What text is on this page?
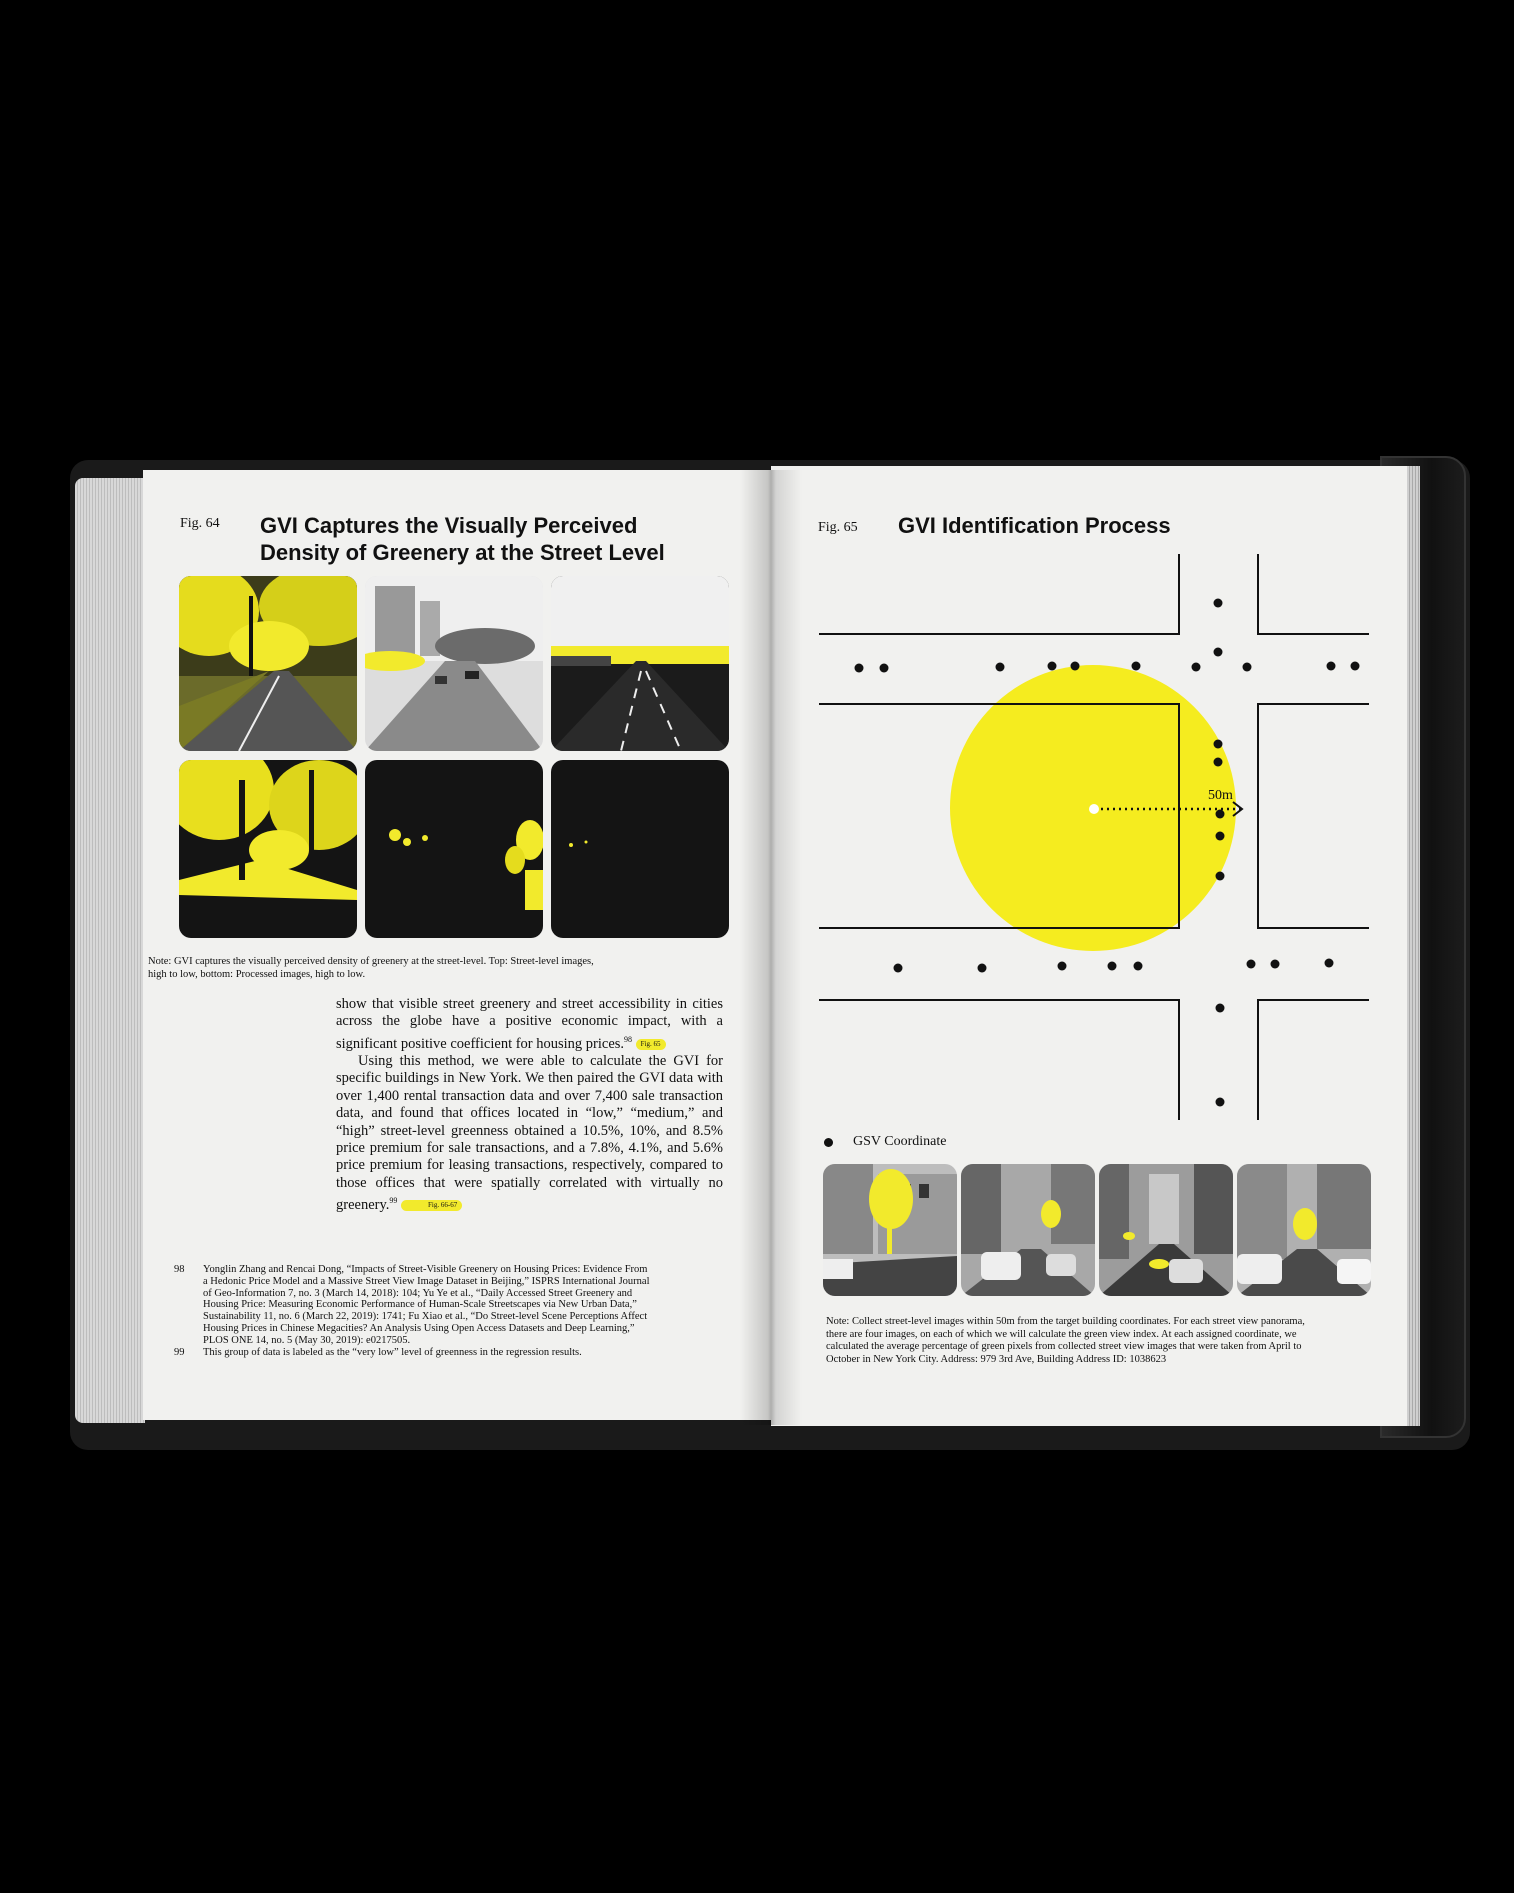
Fig. 64 GVI Captures the Visually Perceived
Density of Greenery at the Street Level
Note: GVI captures the visually perceived density of greenery at the street-level. Top: Street-level images,
high to low, bottom: Processed images, high to low.

show that visible street greenery and street accessibility in cities across the globe have a positive economic impact, with a significant positive coefficient for housing prices.$^{98}$ Fig. 65

Using this method, we were able to calculate the GVI for specific buildings in New York. We then paired the GVI data with over 1,400 rental transaction data and over 7,400 sale transaction data, and found that offices located in “low,” “medium,” and “high” street-level greenness obtained a 10.5%, 10%, and 8.5% price premium for sale transactions, and a 7.8%, 4.1%, and 5.6% price premium for leasing transactions, respectively, compared to those offices that were spatially correlated with virtually no greenery.$^{99}$	Fig. 66-67

98	Yonglin Zhang and Rencai Dong, “Impacts of Street-Visible Greenery on Housing Prices: Evidence From
a Hedonic Price Model and a Massive Street View Image Dataset in Beijing,” ISPRS International Journal
of Geo-Information 7, no. 3 (March 14, 2018): 104; Yu Ye et al., “Daily Accessed Street Greenery and
Housing Price: Measuring Economic Performance of Human-Scale Streetscapes via New Urban Data,”
Sustainability 11, no. 6 (March 22, 2019): 1741; Fu Xiao et al., “Do Street-level Scene Perceptions Affect
Housing Prices in Chinese Megacities? An Analysis Using Open Access Datasets and Deep Learning,”
PLOS ONE 14, no. 5 (May 30, 2019): e0217505.
99	This group of data is labeled as the “very low” level of greenness in the regression results.
Fig. 65 GVI Identification Process
50m
GSV Coordinate
Note: Collect street-level images within 50m from the target building coordinates. For each street view panorama,
there are four images, on each of which we will calculate the green view index. At each assigned coordinate, we
calculated the average percentage of green pixels from collected street view images that were taken from April to
October in New York City. Address: 979 3rd Ave, Building Address ID: 1038623
